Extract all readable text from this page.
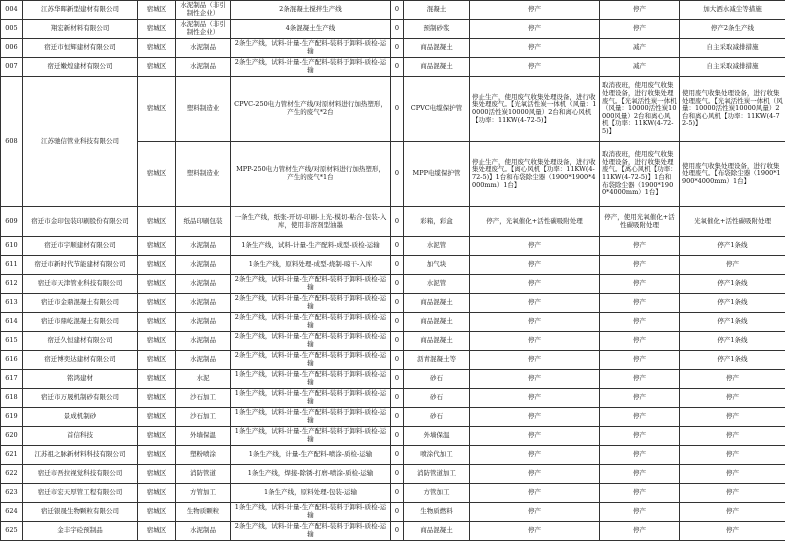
004	江苏华晖新型建材有限公司	宿城区	水泥制品（非引制性企业）	2条混凝土搅拌生产线	0	混凝土	停产	停产	加大洒水减尘等措施
005	翔宏新材料有限公司	宿城区	水泥制品（非引制性企业）	4条混凝土生产线	0	预制砂浆	停产	停产	停产2条生产线
006	宿迁市恒辉建材有限公司	宿城区	水泥制品	2条生产线，试料-计量-生产配料-装料于卸料-质检-运输	0	商品混凝土	停产	减产	自主采取减排措施
007	宿迁嫩煌建材有限公司	宿城区	水泥制品	2条生产线，试料-计量-生产配料-装料于卸料-质检-运输	0	商品混凝土	停产	减产	自主采取减排措施
608	江苏驰信管业科技有限公司	宿城区	塑料制造业	CPVC-250电力管材生产线/对原材料进行加热塑形，产生的废气*2台	0	CPVC电缆保护管	停止生产，使用废气收集处理设备，进行收集处理废气。【光氧活性炭一体机（风量：10000活性炭10000风量）2台和离心风机【功率：11KW(4-72-5)】	取消夜班，使用废气收集处理设备，进行收集处理废气。【光氧活性炭一体机（风量：10000活性炭10000风量）2台和离心风机【功率：11KW(4-72-5)】	使用废气收集处理设备，进行收集处理废气。【光氧活性炭一体机（风量：10000活性炭10000风量）2台和离心风机【功率：11KW(4-72-5)】
		宿城区	塑料制造业	MPP-250电力管材生产线/对原材料进行加热塑形，产生的废气*1台	0	MPP电缆保护管	停止生产，使用废气收集处理设备，进行收集处理废气。【离心风机【功率：11KW(4-72-5)】1台和布袋除尘器（1900*1900*4000mm）1台】	取消夜班，使用废气收集处理设备，进行收集处理废气。【离心风机【功率：11KW(4-72-5)】1台和布袋除尘器（1900*1900*4000mm）1台】	使用废气收集处理设备，进行收集处理废气。【布袋除尘器（1900*1900*4000mm）1台】
609	宿迁市金印包装印刷股份有限公司	宿城区	纸品印刷包装	一条生产线，纸张-开切-印刷-上光-模切-粘合-包装-入库，使用非溶剂型油墨	0	彩箱，彩盒	停产，光氧催化+活性碳吸附处理	停产，使用光氧催化+活性碳吸附处理	光氧催化+活性碳吸附处理
610	宿迁市宇顺建材有限公司	宿城区	水泥制品	1条生产线，试料-计量-生产配料-成型-质检-运输	0	水泥管	停产	停产	停产1条线
611	宿迁市新时代节能建材有限公司	宿城区	水泥制品	1条生产线，原料处理-成型-烧制-晾干-入库	0	加气块	停产	停产	停产
612	宿迁市天津管业科技有限公司	宿城区	水泥制品	2条生产线，试料-计量-生产配料-装料于卸料-质检-运输	0	水泥管	停产	停产	停产1条线
613	宿迁市金鼎混凝土有限公司	宿城区	水泥制品	2条生产线，试料-计量-生产配料-装料于卸料-质检-运输	0	商品混凝土	停产	停产	停产1条线
614	宿迁市鼎屹混凝土有限公司	宿城区	水泥制品	2条生产线，试料-计量-生产配料-装料于卸料-质检-运输	0	商品混凝土	停产	停产	停产1条线
615	宿迁久恒建材有限公司	宿城区	水泥制品	2条生产线，试料-计量-生产配料-装料于卸料-质检-运输	0	商品混凝土	停产	停产	停产1条线
616	宿迁博奕达建材有限公司	宿城区	水泥制品	2条生产线，试料-计量-生产配料-装料于卸料-质检-运输	0	沥青混凝土等	停产	停产	停产1条线
617	铭鸿建材	宿城区	水泥	1条生产线，试料-计量-生产配料-装料于卸料-质检-运输	0	砂石	停产	停产	停产
618	宿迁市万晟机制砂有限公司	宿城区	沙石加工	1条生产线，试料-计量-生产配料-装料于卸料-质检-运输	0	砂石	停产	停产	停产
619	景成机制砂	宿城区	沙石加工	1条生产线，试料-计量-生产配料-装料于卸料-质检-运输	0	砂石	停产	停产	停产
620	首信科技	宿城区	外墙保温	1条生产线，试料-计量-生产配料-装料于卸料-质检-运输	0	外墙保温	停产	停产	停产
621	江苏祖之脉新材料科技有限公司	宿城区	塑粉喷涂	1条生产线，计量-生产配料-喷涂-质检-运输	0	喷涂代加工	停产	停产	停产
622	宿迁市吾拉视觉科技有限公司	宿城区	消防管道	1条生产线，焊接-除锈-打磨-喷涂-质检-运输	0	消防管道加工	停产	停产	停产
623	宿迁市宏天厚管工程有限公司	宿城区	方管加工	1条生产线，原料处理-包装-运输	0	方管加工	停产	停产	停产
624	宿迁银晟生物颗粒有限公司	宿城区	生物质颗粒	1条生产线，试料-计量-生产配料-装料于卸料-质检-运输	0	生物质燃料	停产	停产	停产
625	金丰宇砼预制品	宿城区	水泥制品	2条生产线，试料-计量-生产配料-装料于卸料-质检-运输	0	商品混凝土	停产	停产	停产
